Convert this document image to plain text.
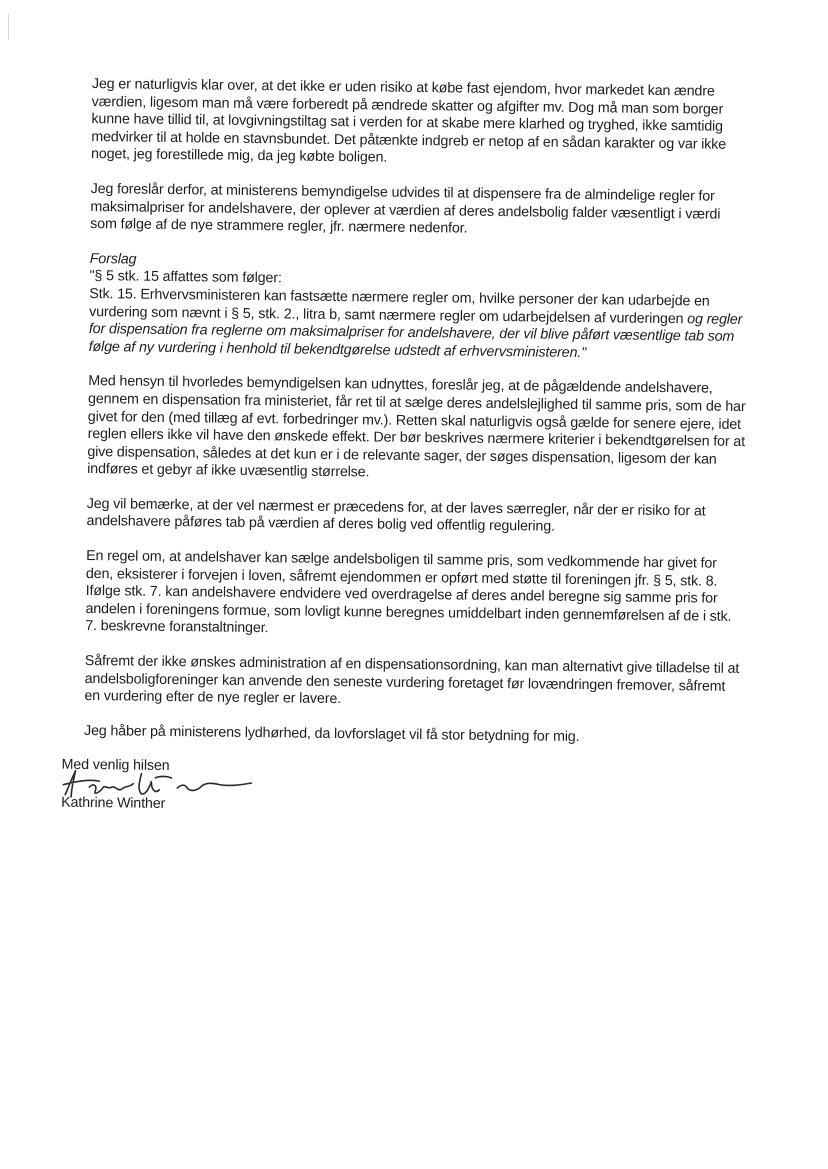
Jeg er naturligvis klar over, at det ikke er uden risiko at købe fast ejendom, hvor markedet kan ændre værdien, ligesom man må være forberedt på ændrede skatter og afgifter mv. Dog må man som borger kunne have tillid til, at lovgivningstiltag sat i verden for at skabe mere klarhed og tryghed, ikke samtidig medvirker til at holde en stavnsbundet. Det påtænkte indgreb er netop af en sådan karakter og var ikke noget, jeg forestillede mig, da jeg købte boligen.

Jeg foreslår derfor, at ministerens bemyndigelse udvides til at dispensere fra de almindelige regler for maksimalpriser for andelshavere, der oplever at værdien af deres andelsbolig falder væsentligt i værdi som følge af de nye strammere regler, jfr. nærmere nedenfor.

Forslag

"§ 5 stk. 15 affattes som følger:

Stk. 15. Erhvervsministeren kan fastsætte nærmere regler om, hvilke personer der kan udarbejde en vurdering som nævnt i § 5, stk. 2., litra b, samt nærmere regler om udarbejdelsen af vurderingen og regler for dispensation fra reglerne om maksimalpriser for andelshavere, der vil blive påført væsentlige tab som følge af ny vurdering i henhold til bekendtgørelse udstedt af erhvervsministeren."

Med hensyn til hvorledes bemyndigelsen kan udnyttes, foreslår jeg, at de pågældende andelshavere, gennem en dispensation fra ministeriet, får ret til at sælge deres andelslejlighed til samme pris, som de har givet for den (med tillæg af evt. forbedringer mv.). Retten skal naturligvis også gælde for senere ejere, idet reglen ellers ikke vil have den ønskede effekt. Der bør beskrives nærmere kriterier i bekendtgørelsen for at give dispensation, således at det kun er i de relevante sager, der søges dispensation, ligesom der kan indføres et gebyr af ikke uvæsentlig størrelse.

Jeg vil bemærke, at der vel nærmest er præcedens for, at der laves særregler, når der er risiko for at andelshavere påføres tab på værdien af deres bolig ved offentlig regulering.

En regel om, at andelshaver kan sælge andelsboligen til samme pris, som vedkommende har givet for den, eksisterer i forvejen i loven, såfremt ejendommen er opført med støtte til foreningen jfr. § 5, stk. 8. Ifølge stk. 7. kan andelshavere endvidere ved overdragelse af deres andel beregne sig samme pris for andelen i foreningens formue, som lovligt kunne beregnes umiddelbart inden gennemførelsen af de i stk. 7. beskrevne foranstaltninger.

Såfremt der ikke ønskes administration af en dispensationsordning, kan man alternativt give tilladelse til at andelsboligforeninger kan anvende den seneste vurdering foretaget før lovændringen fremover, såfremt en vurdering efter de nye regler er lavere.

Jeg håber på ministerens lydhørhed, da lovforslaget vil få stor betydning for mig.

Med venlig hilsen

Kathrine Winther
